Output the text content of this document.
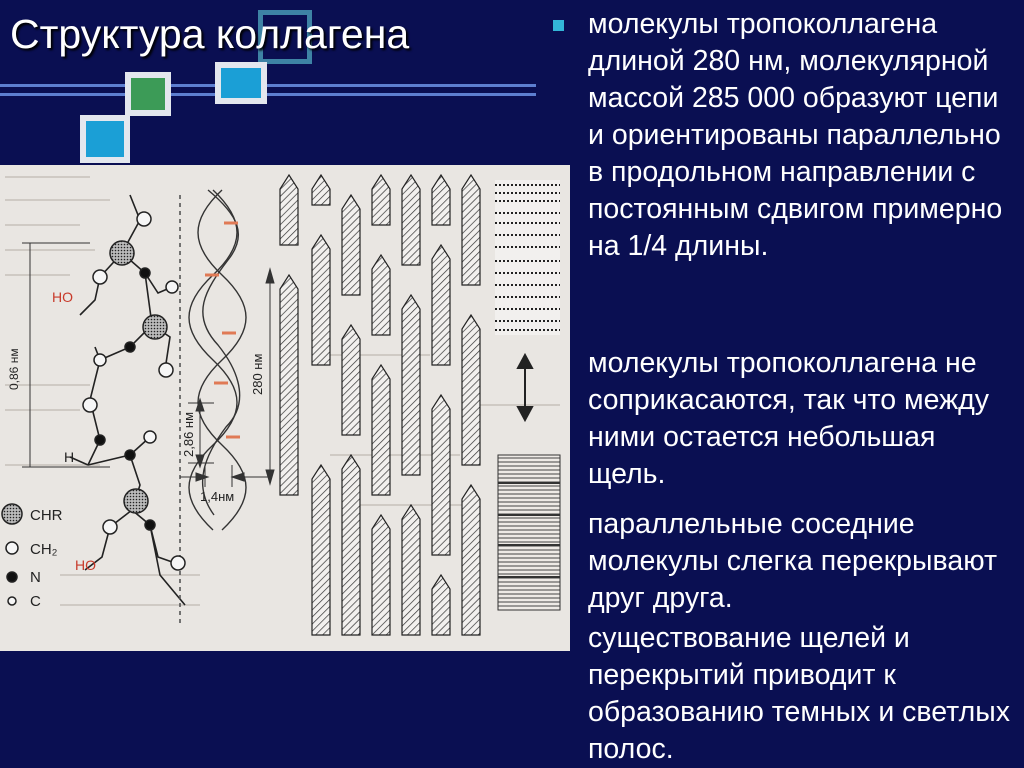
Структура коллагена
0,86 нм
HO
HO
H
CHR
CH₂
N
C
280 нм
2,86 нм
1,4нм
молекулы тропоколлагена длиной 280 нм, молекулярной массой 285 000 образуют цепи и ориентированы параллельно в продольном направлении с постоянным сдвигом примерно на 1/4 длины.
молекулы тропоколлагена не соприкасаются, так что между ними остается небольшая щель.
параллельные соседние молекулы слегка перекрывают друг друга.
существование щелей и перекрытий приводит к образованию темных и светлых полос.
